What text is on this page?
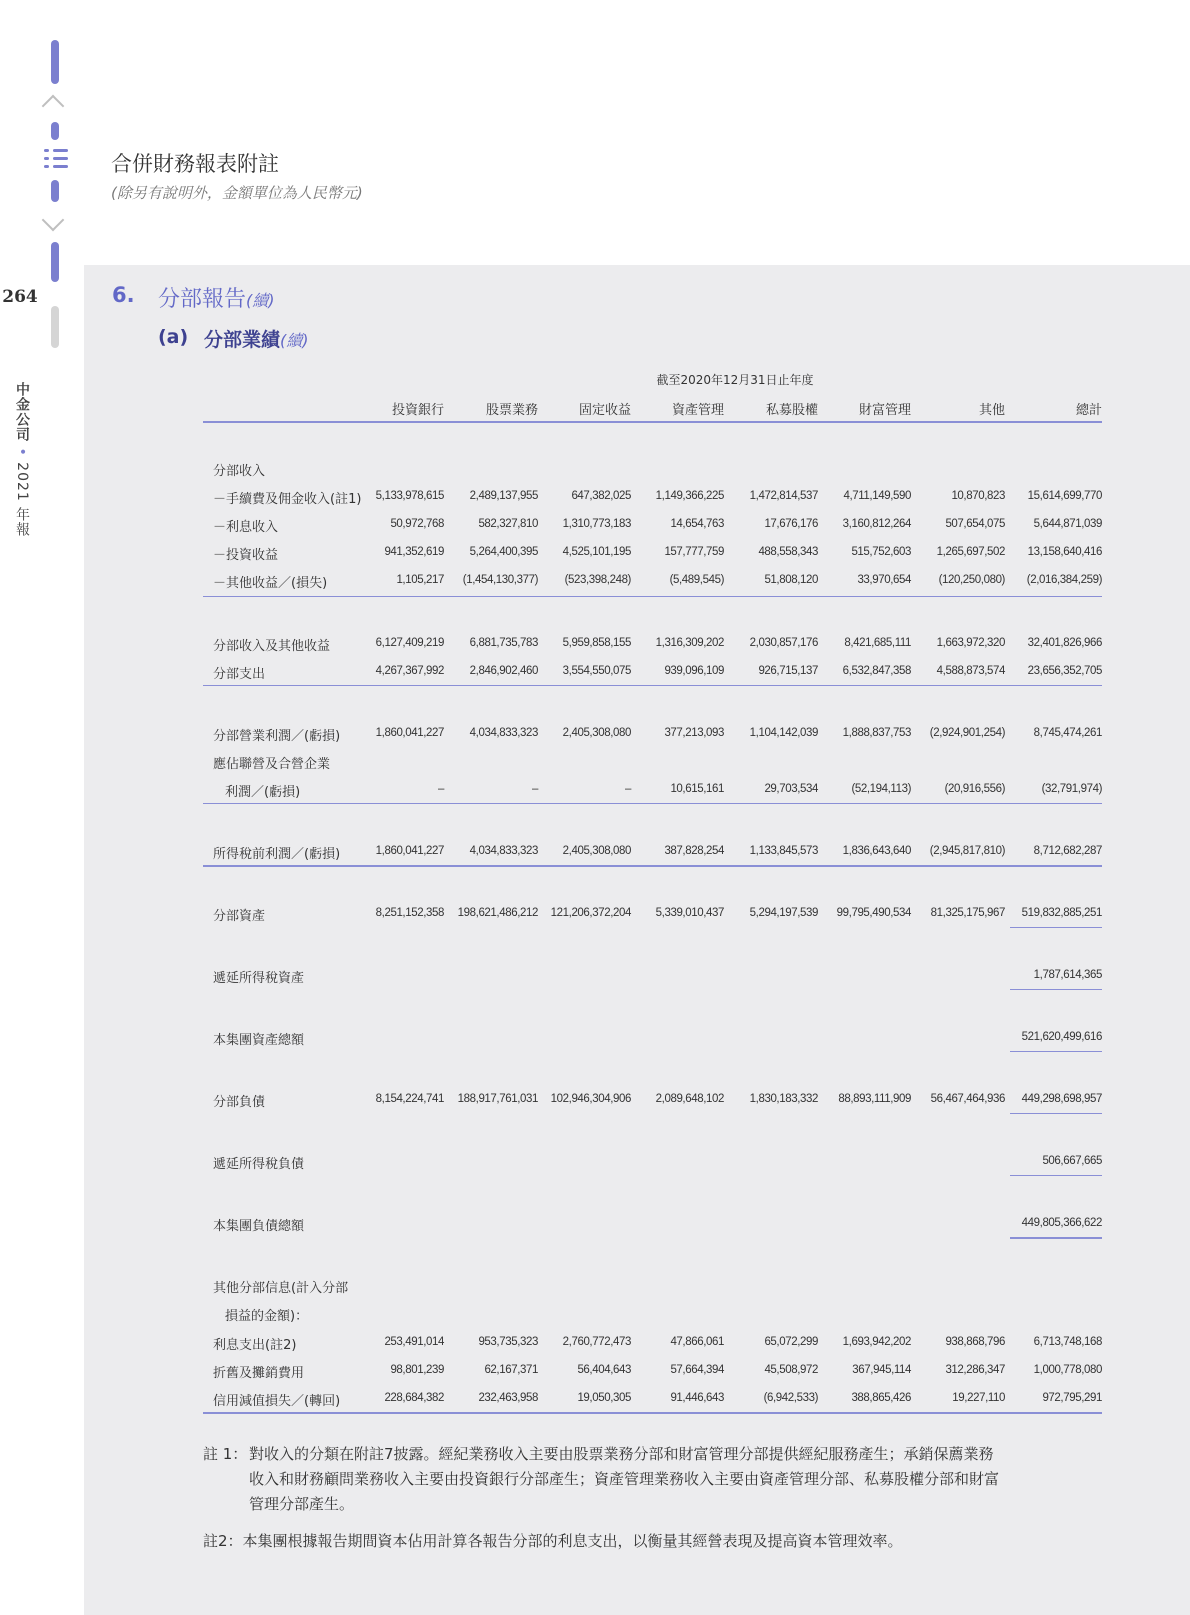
264
中金公司 • 2021 年報
合併財務報表附註
(除另有說明外，金額單位為人民幣元)
6. 分部報告(續)
(a) 分部業績(續)
截至2020年12月31日止年度
投資銀行	股票業務	固定收益	資產管理	私募股權	財富管理	其他	總計
分部收入
－手續費及佣金收入(註1) 5,133,978,615 2,489,137,955	647,382,025 1,149,366,225 1,472,814,537 4,711,149,590	10,870,823 15,614,699,770
－利息收入	50,972,768	582,327,810 1,310,773,183	14,654,763	17,676,176 3,160,812,264	507,654,075 5,644,871,039
－投資收益	941,352,619 5,264,400,395 4,525,101,195	157,777,759	488,558,343	515,752,603 1,265,697,502 13,158,640,416
－其他收益／(損失)	1,105,217 (1,454,130,377) (523,398,248)	(5,489,545)	51,808,120	33,970,654 (120,250,080) (2,016,384,259)
分部收入及其他收益	6,127,409,219 6,881,735,783 5,959,858,155 1,316,309,202 2,030,857,176 8,421,685,111 1,663,972,320 32,401,826,966
分部支出	4,267,367,992 2,846,902,460 3,554,550,075	939,096,109	926,715,137 6,532,847,358 4,588,873,574 23,656,352,705
分部營業利潤／(虧損)	1,860,041,227 4,034,833,323 2,405,308,080	377,213,093 1,104,142,039 1,888,837,753 (2,924,901,254) 8,745,474,261
應佔聯營及合營企業
利潤／(虧損)	–	–	–	10,615,161	29,703,534	(52,194,113)	(20,916,556)	(32,791,974)
所得稅前利潤／(虧損)	1,860,041,227 4,034,833,323 2,405,308,080	387,828,254 1,133,845,573 1,836,643,640 (2,945,817,810) 8,712,682,287
分部資產	8,251,152,358 198,621,486,212 121,206,372,204 5,339,010,437 5,294,197,539 99,795,490,534 81,325,175,967 519,832,885,251
遞延所得稅資產	1,787,614,365
本集團資產總額	521,620,499,616
分部負債	8,154,224,741 188,917,761,031 102,946,304,906 2,089,648,102 1,830,183,332 88,893,111,909 56,467,464,936 449,298,698,957
遞延所得稅負債	506,667,665
本集團負債總額	449,805,366,622
其他分部信息(計入分部
損益的金額)：
利息支出(註2)	253,491,014	953,735,323 2,760,772,473	47,866,061	65,072,299 1,693,942,202	938,868,796 6,713,748,168
折舊及攤銷費用	98,801,239	62,167,371	56,404,643	57,664,394	45,508,972	367,945,114	312,286,347 1,000,778,080
信用減值損失／(轉回)	228,684,382	232,463,958	19,050,305	91,446,643	(6,942,533)	388,865,426	19,227,110	972,795,291
註 1： 對收入的分類在附註7披露。經紀業務收入主要由股票業務分部和財富管理分部提供經紀服務產生；承銷保薦業務
收入和財務顧問業務收入主要由投資銀行分部產生；資產管理業務收入主要由資產管理分部、私募股權分部和財富
管理分部產生。
註2：本集團根據報告期間資本佔用計算各報告分部的利息支出，以衡量其經營表現及提高資本管理效率。
